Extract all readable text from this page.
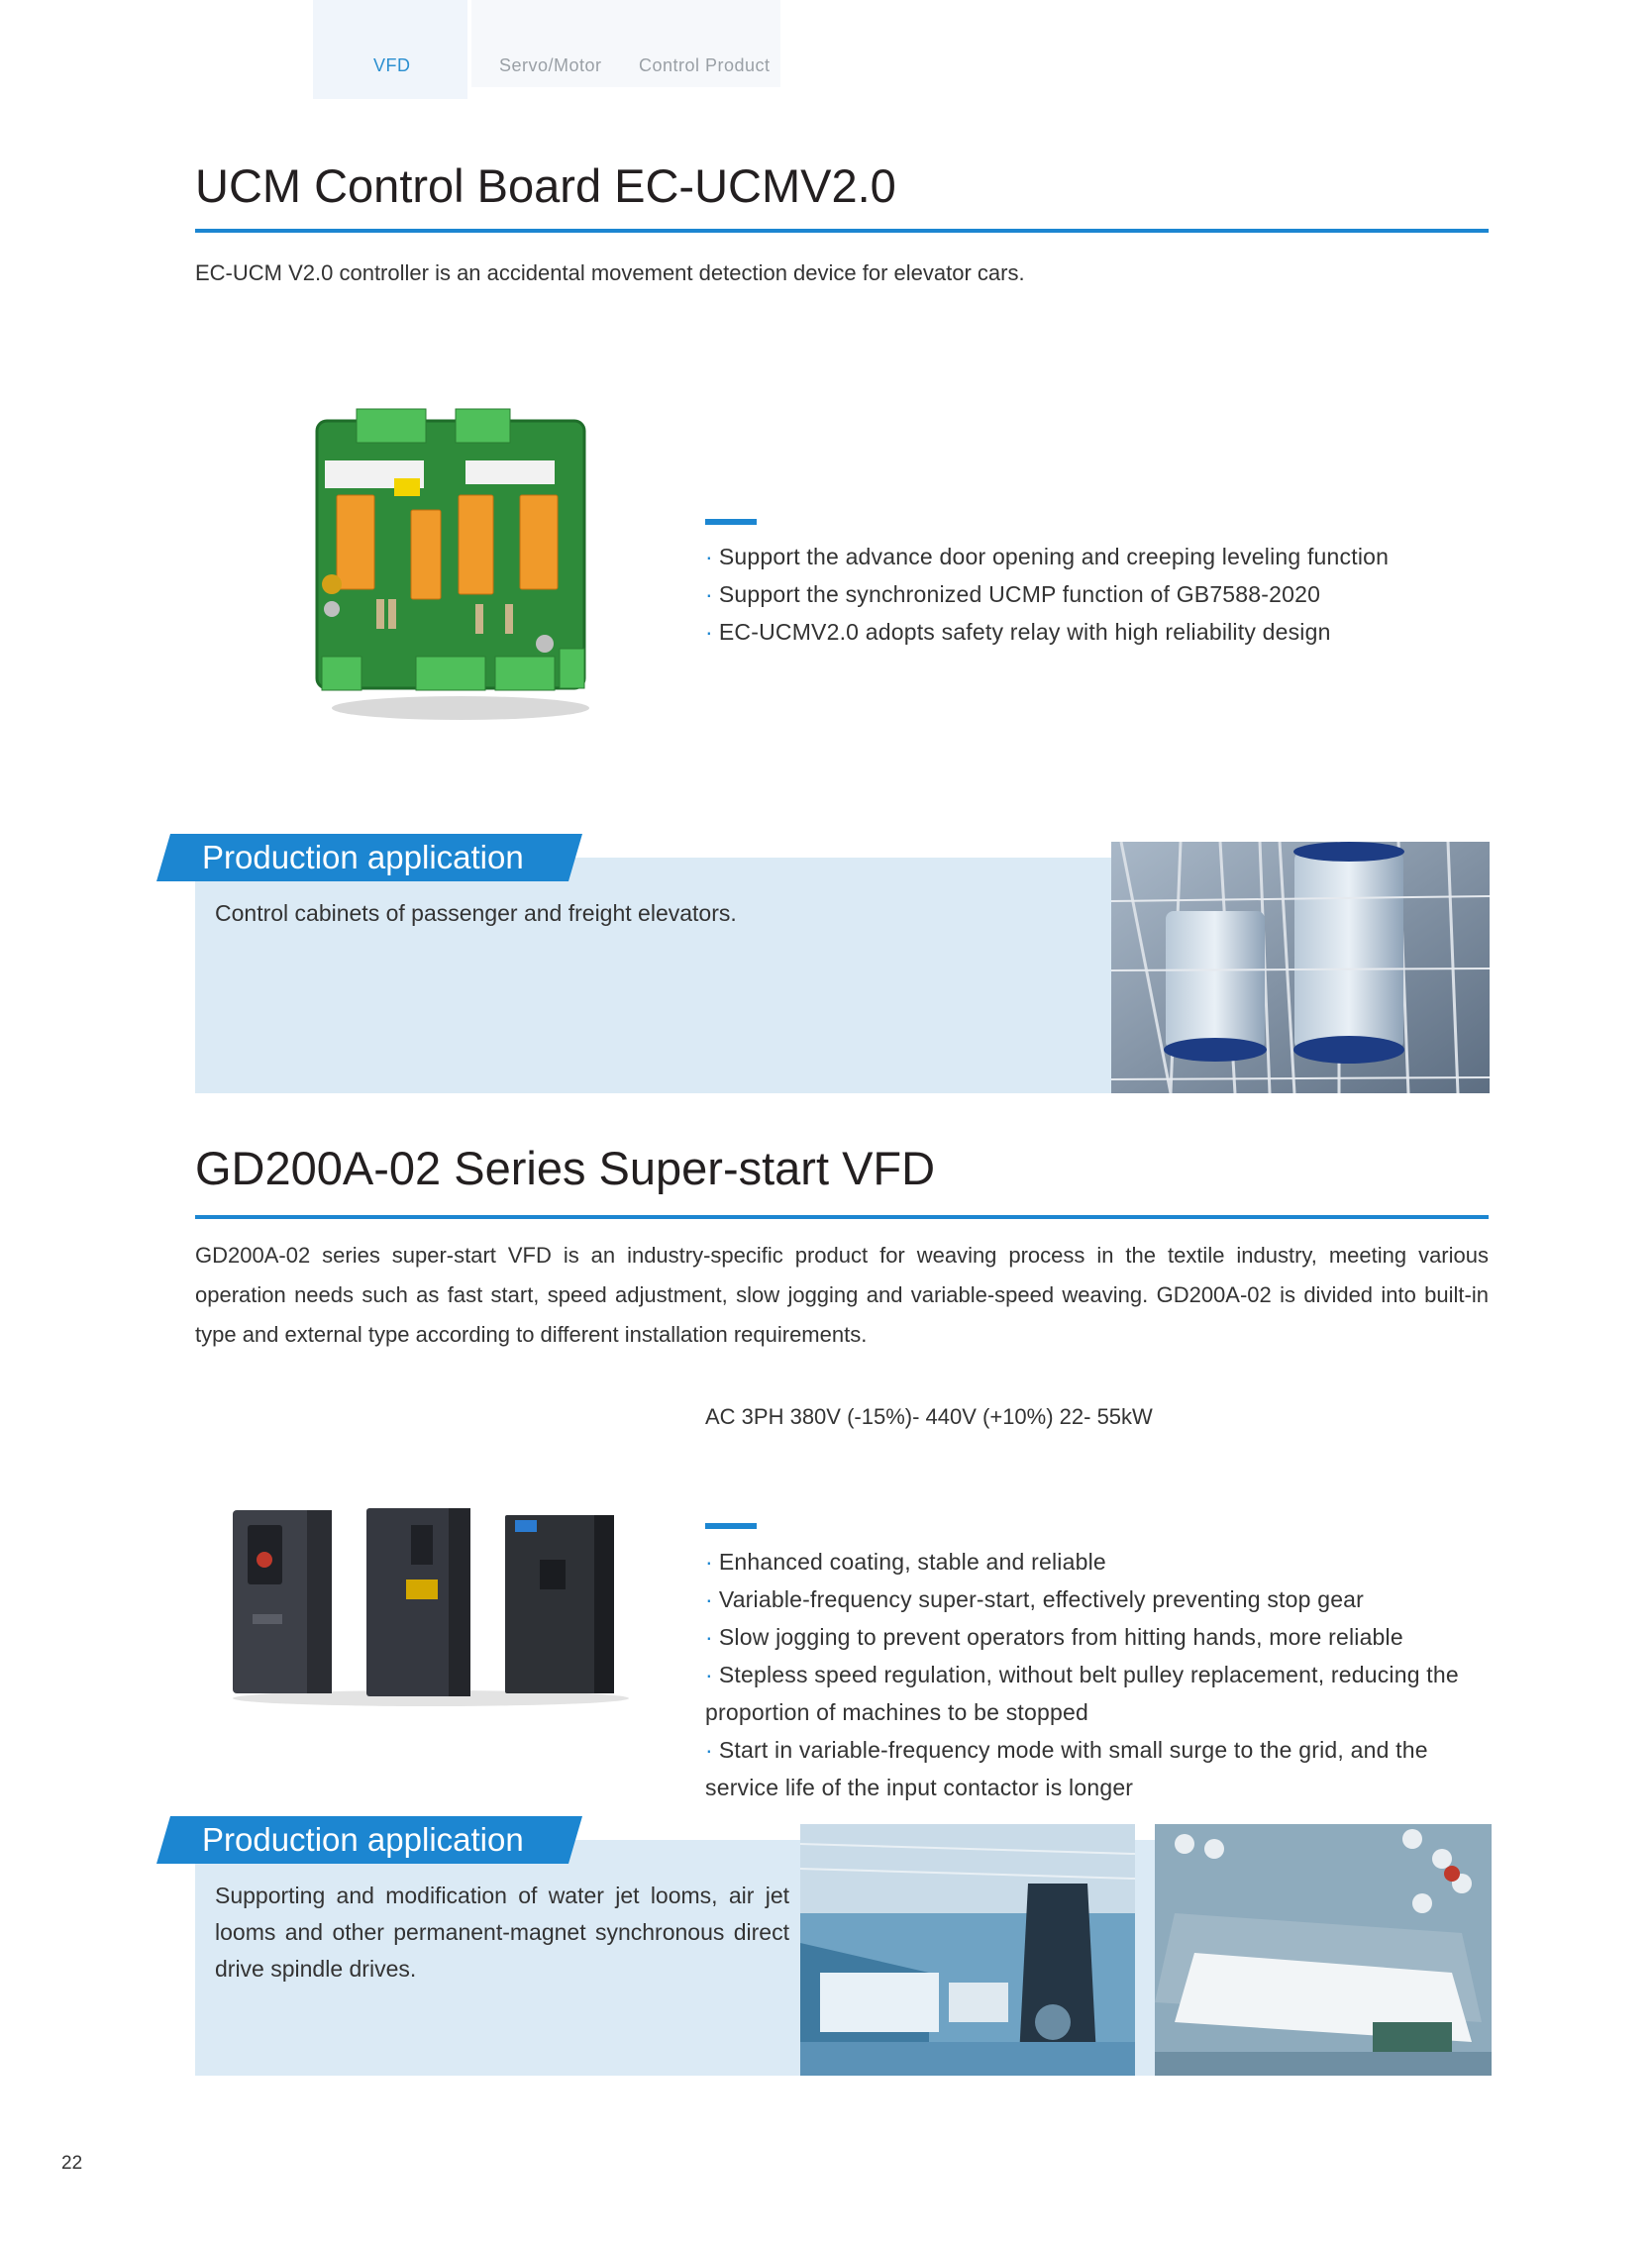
VFD	Servo/Motor Control Product
UCM Control Board EC-UCMV2.0

EC-UCM V2.0 controller is an accidental movement detection device for elevator cars.

· Support the advance door opening and creeping leveling function
· Support the synchronized UCMP function of GB7588-2020
· EC-UCMV2.0 adopts safety relay with high reliability design
Production application

Control cabinets of passenger and freight elevators.

GD200A-02 Series Super-start VFD

GD200A-02 series super-start VFD is an industry-specific product for weaving process in the textile industry, meeting various operation needs such as fast start, speed adjustment, slow jogging and variable-speed weaving. GD200A-02 is divided into built-in type and external type according to different installation requirements.

AC 3PH 380V (-15%)- 440V (+10%) 22- 55kW
· Enhanced coating, stable and reliable
· Variable-frequency super-start, effectively preventing stop gear
· Slow jogging to prevent operators from hitting hands, more reliable
· Stepless speed regulation, without belt pulley replacement, reducing the proportion of machines to be stopped
· Start in variable-frequency mode with small surge to the grid, and the service life of the input contactor is longer
Production application

Supporting and modification of water jet looms, air jet looms and other permanent-magnet synchronous direct drive spindle drives.

22
